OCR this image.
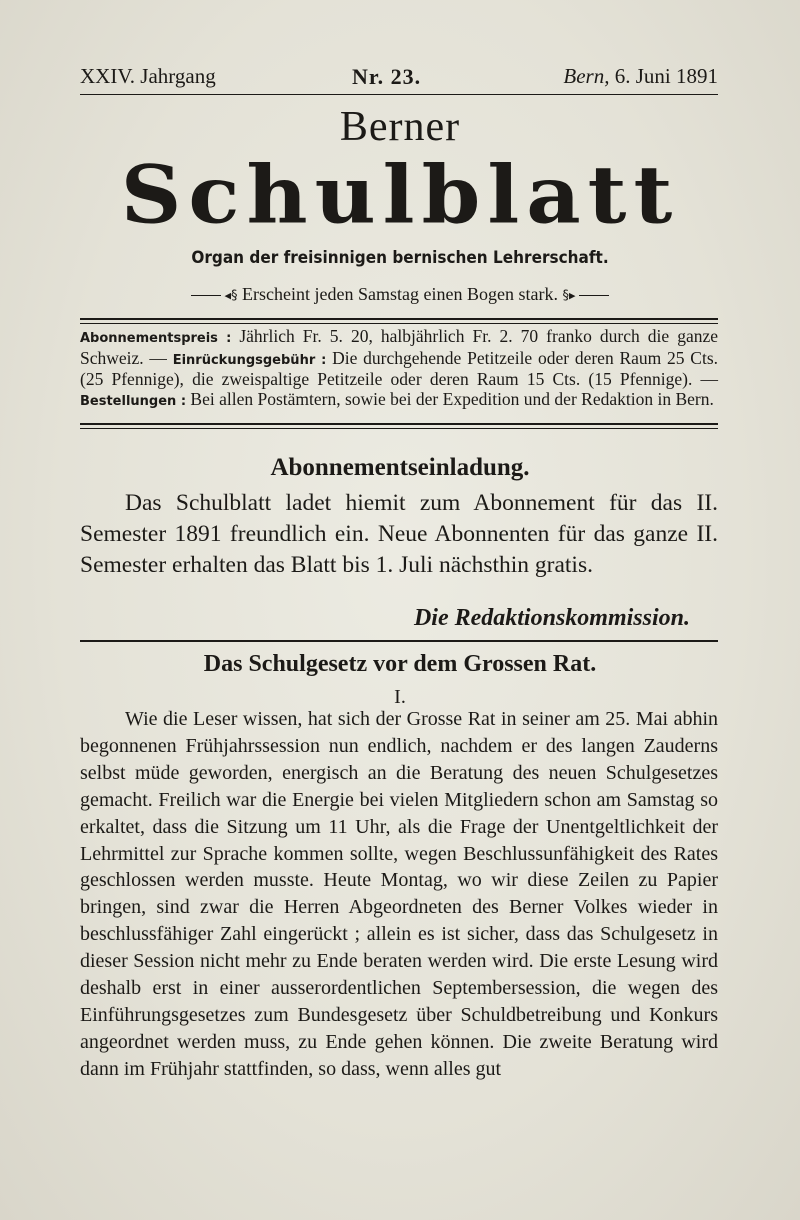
XXIV. Jahrgang	Nr. 23.	Bern, 6. Juni 1891
Berner
Schulblatt
Organ der freisinnigen bernischen Lehrerschaft.
◂§ Erscheint jeden Samstag einen Bogen stark. §▸
Abonnementspreis : Jährlich Fr. 5. 20, halbjährlich Fr. 2. 70 franko durch die ganze Schweiz. — Einrückungsgebühr : Die durchgehende Petitzeile oder deren Raum 25 Cts. (25 Pfennige), die zweispaltige Petitzeile oder deren Raum 15 Cts. (15 Pfennige). — Bestellungen : Bei allen Postämtern, sowie bei der Expedition und der Redaktion in Bern.
Abonnementseinladung.

Das Schulblatt ladet hiemit zum Abonnement für das II. Semester 1891 freundlich ein. Neue Abonnenten für das ganze II. Semester erhalten das Blatt bis 1. Juli nächsthin gratis.

Die Redaktionskommission.
Das Schulgesetz vor dem Grossen Rat.
I.

Wie die Leser wissen, hat sich der Grosse Rat in seiner am 25. Mai abhin begonnenen Frühjahrssession nun endlich, nachdem er des langen Zauderns selbst müde geworden, energisch an die Beratung des neuen Schulgesetzes gemacht. Freilich war die Energie bei vielen Mitgliedern schon am Samstag so erkaltet, dass die Sitzung um 11 Uhr, als die Frage der Unentgeltlichkeit der Lehrmittel zur Sprache kommen sollte, wegen Beschlussunfähigkeit des Rates geschlossen werden musste. Heute Montag, wo wir diese Zeilen zu Papier bringen, sind zwar die Herren Abgeordneten des Berner Volkes wieder in beschlussfähiger Zahl eingerückt ; allein es ist sicher, dass das Schulgesetz in dieser Session nicht mehr zu Ende beraten werden wird. Die erste Lesung wird deshalb erst in einer ausserordentlichen Septembersession, die wegen des Einführungsgesetzes zum Bundesgesetz über Schuldbetreibung und Konkurs angeordnet werden muss, zu Ende gehen können. Die zweite Beratung wird dann im Frühjahr stattfinden, so dass, wenn alles gut
